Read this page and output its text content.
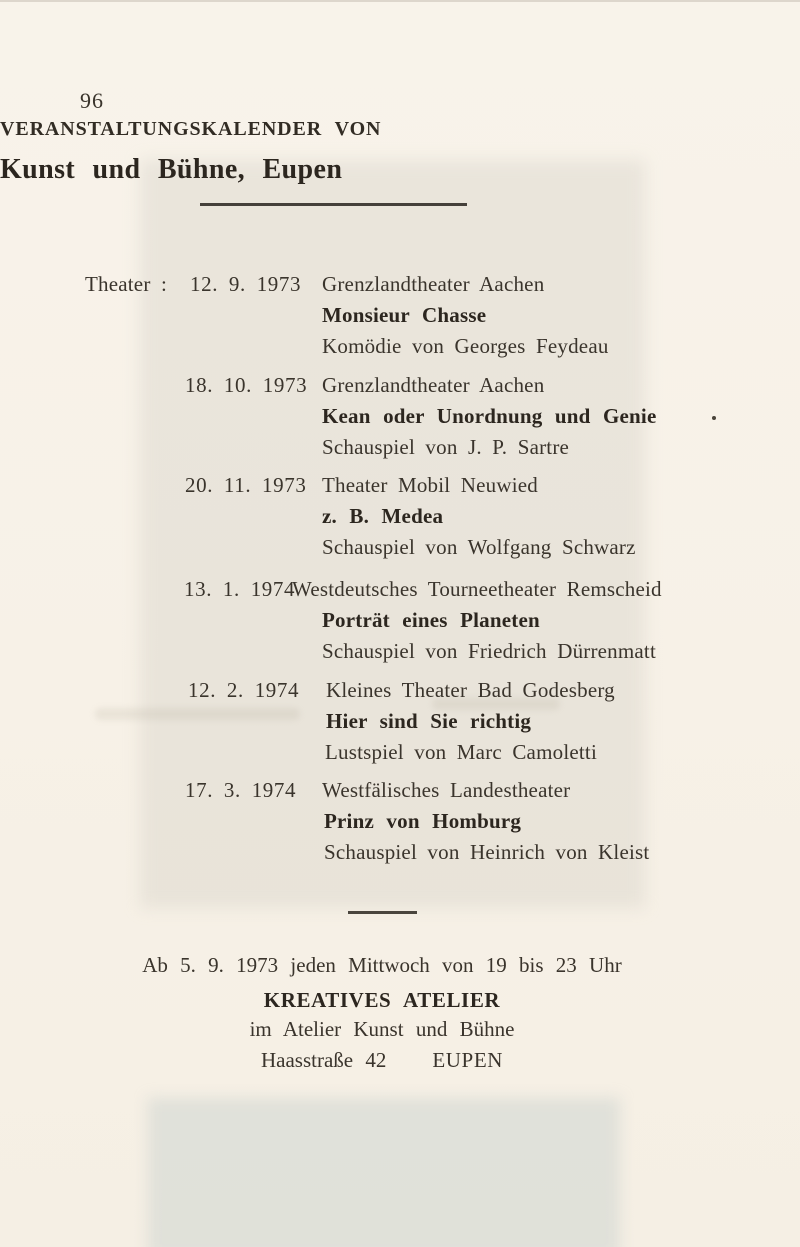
96
VERANSTALTUNGSKALENDER VON
Kunst und Bühne, Eupen
Theater : 12. 9. 1973 Grenzlandtheater Aachen
Monsieur Chasse
Komödie von Georges Feydeau
18. 10. 1973 Grenzlandtheater Aachen
Kean oder Unordnung und Genie
Schauspiel von J. P. Sartre
20. 11. 1973 Theater Mobil Neuwied
z. B. Medea
Schauspiel von Wolfgang Schwarz
13. 1. 1974
Westdeutsches Tourneetheater Remscheid
Porträt eines Planeten
Schauspiel von Friedrich Dürrenmatt
12. 2. 1974 Kleines Theater Bad Godesberg
Hier sind Sie richtig
Lustspiel von Marc Camoletti
17. 3. 1974 Westfälisches Landestheater
Prinz von Homburg
Schauspiel von Heinrich von Kleist
Ab 5. 9. 1973 jeden Mittwoch von 19 bis 23 Uhr
KREATIVES ATELIER
im Atelier Kunst und Bühne
Haasstraße 42 EUPEN
